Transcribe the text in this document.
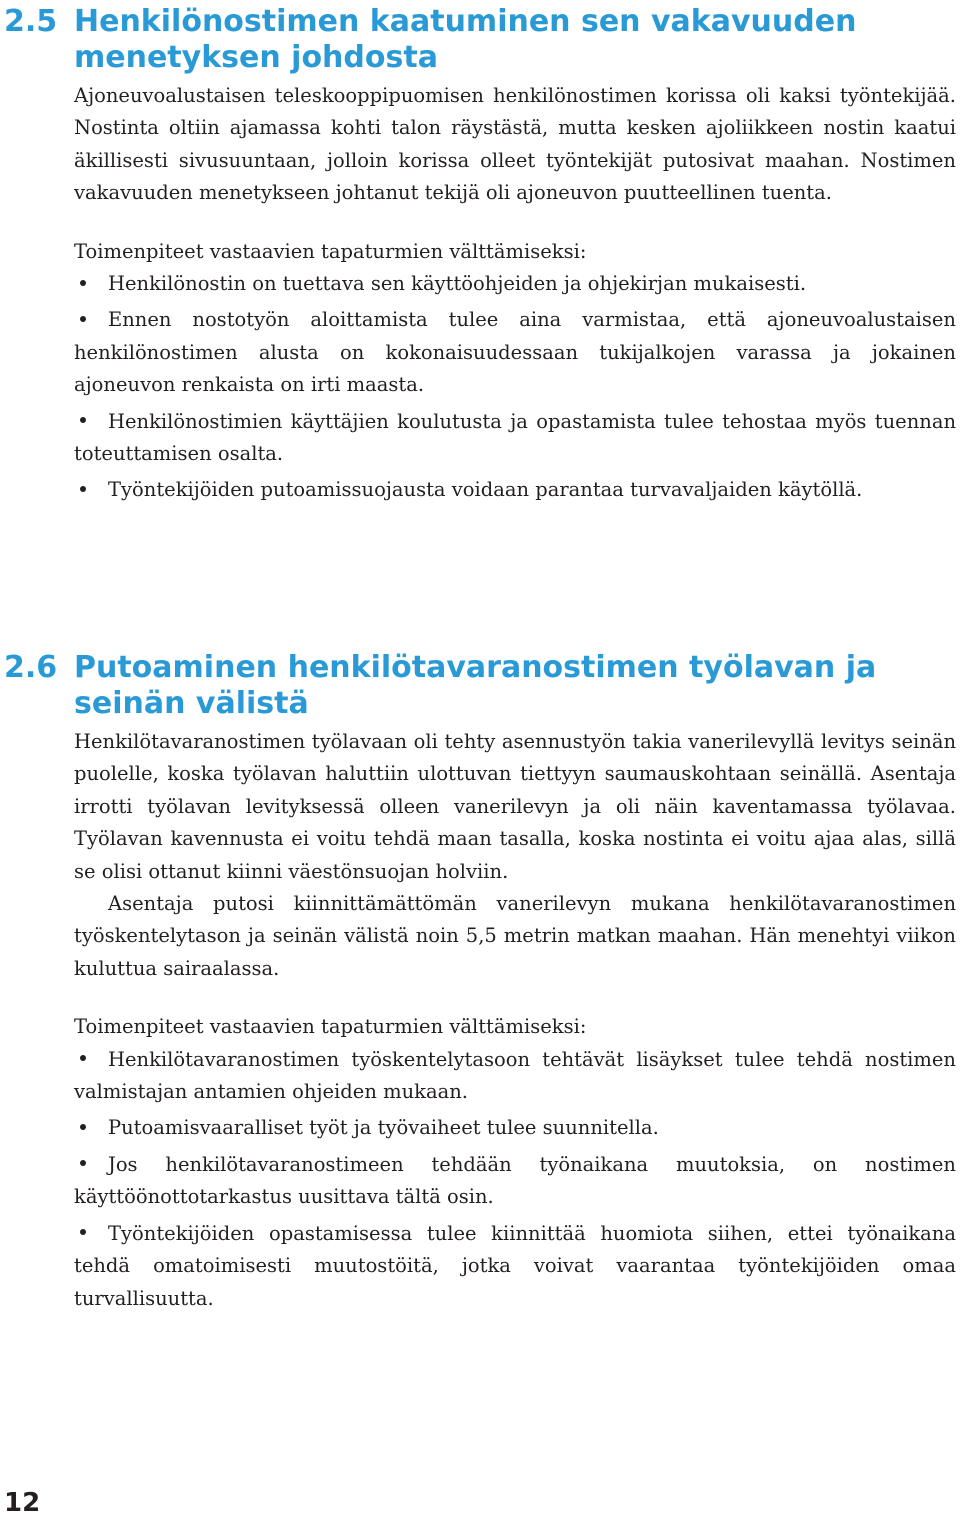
2.5 Henkilönostimen kaatuminen sen vakavuuden menetyksen johdosta

Ajoneuvoalustaisen teleskooppipuomisen henkilönostimen korissa oli kaksi työntekijää. Nostinta oltiin ajamassa kohti talon räystästä, mutta kesken ajoliikkeen nostin kaatui äkillisesti sivusuuntaan, jolloin korissa olleet työntekijät putosivat maahan. Nostimen vakavuuden menetykseen johtanut tekijä oli ajoneuvon puutteellinen tuenta.

Toimenpiteet vastaavien tapaturmien välttämiseksi:

Henkilönostin on tuettava sen käyttöohjeiden ja ohjekirjan mukaisesti.
Ennen nostotyön aloittamista tulee aina varmistaa, että ajoneuvoalustaisen henkilönostimen alusta on kokonaisuudessaan tukijalkojen varassa ja jokainen ajoneuvon renkaista on irti maasta.
Henkilönostimien käyttäjien koulutusta ja opastamista tulee tehostaa myös tuennan toteuttamisen osalta.
Työntekijöiden putoamissuojausta voidaan parantaa turvavaljaiden käytöllä.
2.6 Putoaminen henkilötavaranostimen työlavan ja seinän välistä

Henkilötavaranostimen työlavaan oli tehty asennustyön takia vanerilevyllä levitys seinän puolelle, koska työlavan haluttiin ulottuvan tiettyyn saumauskohtaan seinällä. Asentaja irrotti työlavan levityksessä olleen vanerilevyn ja oli näin kaventamassa työlavaa. Työlavan kavennusta ei voitu tehdä maan tasalla, koska nostinta ei voitu ajaa alas, sillä se olisi ottanut kiinni väestönsuojan holviin.

Asentaja putosi kiinnittämättömän vanerilevyn mukana henkilötavaranostimen työskentelytason ja seinän välistä noin 5,5 metrin matkan maahan. Hän menehtyi viikon kuluttua sairaalassa.

Toimenpiteet vastaavien tapaturmien välttämiseksi:

Henkilötavaranostimen työskentelytasoon tehtävät lisäykset tulee tehdä nostimen valmistajan antamien ohjeiden mukaan.
Putoamisvaaralliset työt ja työvaiheet tulee suunnitella.
Jos henkilötavaranostimeen tehdään työnaikana muutoksia, on nostimen käyttöönottotarkastus uusittava tältä osin.
Työntekijöiden opastamisessa tulee kiinnittää huomiota siihen, ettei työnaikana tehdä omatoimisesti muutostöitä, jotka voivat vaarantaa työntekijöiden omaa turvallisuutta.
12
